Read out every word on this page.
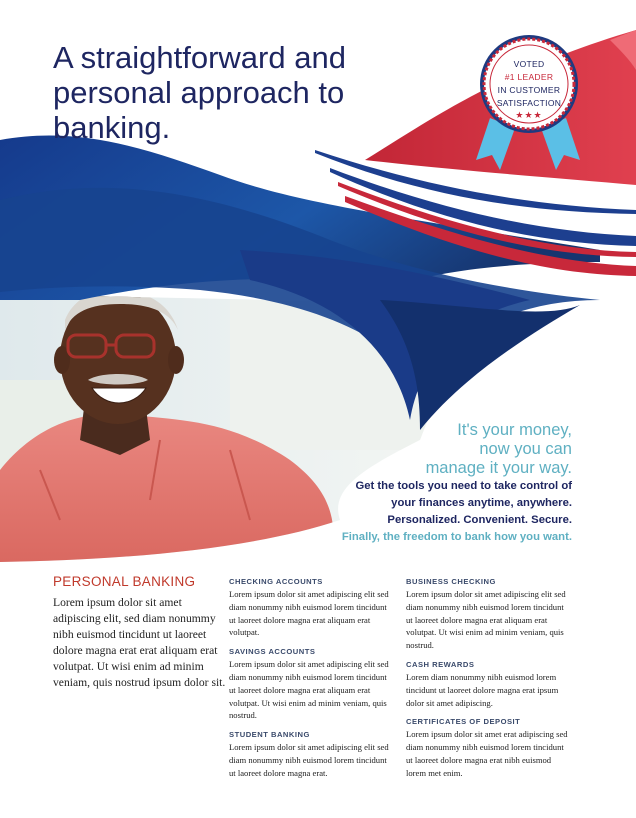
A straightforward and personal approach to banking.
VOTED
#1 LEADER
IN CUSTOMER
SATISFACTION
★★★
It's your money,
now you can
manage it your way.
Get the tools you need to take control of
your finances anytime, anywhere.
Personalized. Convenient. Secure.
Finally, the freedom to bank how you want.
PERSONAL BANKING

Lorem ipsum dolor sit amet adipiscing elit, sed diam nonummy nibh euismod tincidunt ut laoreet dolore magna erat erat aliquam erat volutpat. Ut wisi enim ad minim veniam, quis nostrud ipsum dolor sit.

CHECKING ACCOUNTS

Lorem ipsum dolor sit amet adipiscing elit sed diam nonummy nibh euismod lorem tincidunt ut laoreet dolore magna erat aliquam erat volutpat.

SAVINGS ACCOUNTS

Lorem ipsum dolor sit amet adipiscing elit sed diam nonummy nibh euismod lorem tincidunt ut laoreet dolore magna erat aliquam erat volutpat. Ut wisi enim ad minim veniam, quis nostrud.

STUDENT BANKING

Lorem ipsum dolor sit amet adipiscing elit sed diam nonummy nibh euismod lorem tincidunt ut laoreet dolore magna erat.

BUSINESS CHECKING

Lorem ipsum dolor sit amet adipiscing elit sed diam nonummy nibh euismod lorem tincidunt ut laoreet dolore magna erat aliquam erat volutpat. Ut wisi enim ad minim veniam, quis nostrud.

CASH REWARDS

Lorem diam nonummy nibh euismod lorem tincidunt ut laoreet dolore magna erat ipsum dolor sit amet adipiscing.

CERTIFICATES OF DEPOSIT

Lorem ipsum dolor sit amet erat adipiscing sed diam nonummy nibh euismod lorem tincidunt ut laoreet dolore magna erat nibh euismod lorem met enim.
